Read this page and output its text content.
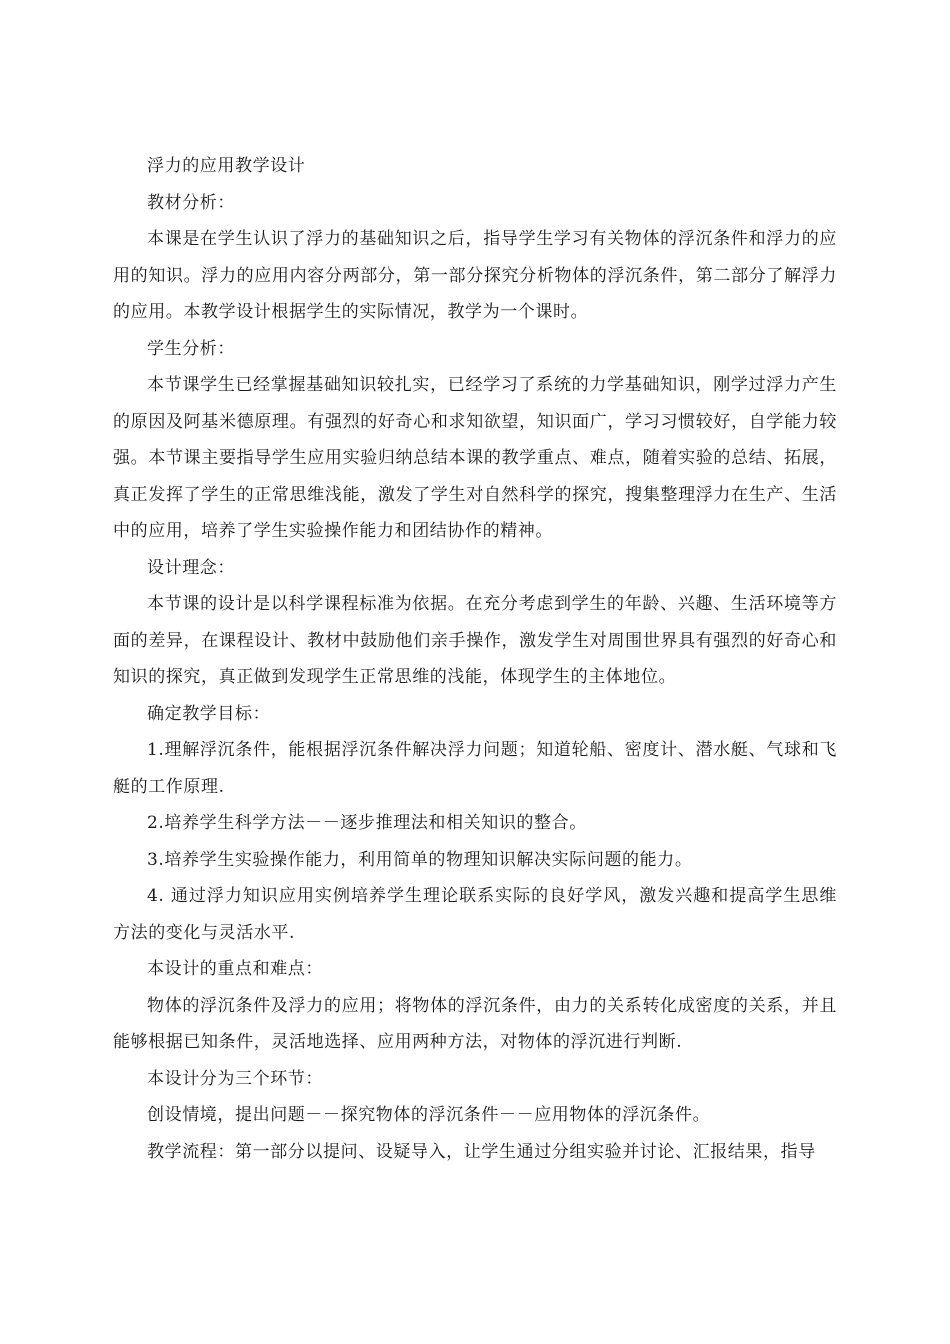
浮力的应用教学设计

教材分析：

本课是在学生认识了浮力的基础知识之后，指导学生学习有关物体的浮沉条件和浮力的应用的知识。浮力的应用内容分两部分，第一部分探究分析物体的浮沉条件，第二部分了解浮力的应用。本教学设计根据学生的实际情况，教学为一个课时。

学生分析：

本节课学生已经掌握基础知识较扎实，已经学习了系统的力学基础知识，刚学过浮力产生的原因及阿基米德原理。有强烈的好奇心和求知欲望，知识面广，学习习惯较好，自学能力较强。本节课主要指导学生应用实验归纳总结本课的教学重点、难点，随着实验的总结、拓展，真正发挥了学生的正常思维浅能，激发了学生对自然科学的探究，搜集整理浮力在生产、生活中的应用，培养了学生实验操作能力和团结协作的精神。

设计理念：

本节课的设计是以科学课程标准为依据。在充分考虑到学生的年龄、兴趣、生活环境等方面的差异，在课程设计、教材中鼓励他们亲手操作，激发学生对周围世界具有强烈的好奇心和知识的探究，真正做到发现学生正常思维的浅能，体现学生的主体地位。

确定教学目标：

1.理解浮沉条件，能根据浮沉条件解决浮力问题；知道轮船、密度计、潜水艇、气球和飞艇的工作原理.

2.培养学生科学方法－－逐步推理法和相关知识的整合。

3.培养学生实验操作能力，利用简单的物理知识解决实际问题的能力。

4. 通过浮力知识应用实例培养学生理论联系实际的良好学风，激发兴趣和提高学生思维方法的变化与灵活水平.

本设计的重点和难点：

物体的浮沉条件及浮力的应用；将物体的浮沉条件，由力的关系转化成密度的关系，并且能够根据已知条件，灵活地选择、应用两种方法，对物体的浮沉进行判断.

本设计分为三个环节：

创设情境，提出问题－－探究物体的浮沉条件－－应用物体的浮沉条件。

教学流程：第一部分以提问、设疑导入，让学生通过分组实验并讨论、汇报结果，指导
